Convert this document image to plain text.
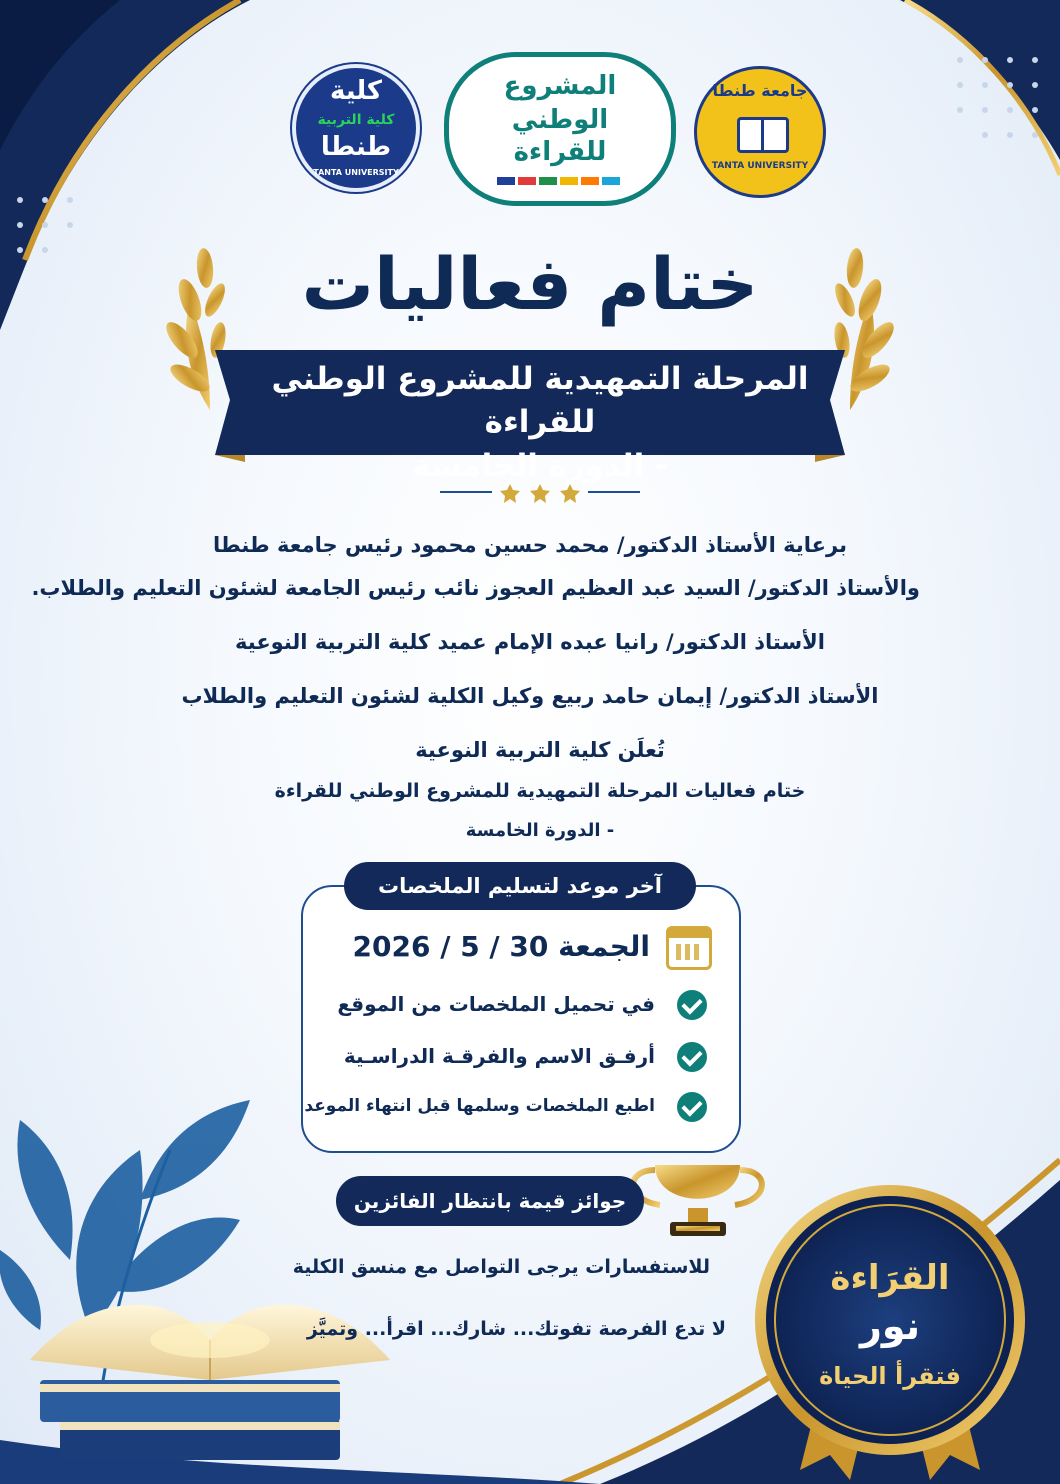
كلية
كلية التربية
طنطا
TANTA UNIVERSITY
المشروع
الوطني
للقراءة
جامعة طنطا
TANTA UNIVERSITY
ختام فعاليات
المرحلة التمهيدية للمشروع الوطني للقراءة
- الدورة الخامسة
برعاية الأستاذ الدكتور/ محمد حسين محمود رئيس جامعة طنطا
والأستاذ الدكتور/ السيد عبد العظيم العجوز نائب رئيس الجامعة لشئون التعليم والطلاب.
الأستاذ الدكتور/ رانيا عبده الإمام عميد كلية التربية النوعية
الأستاذ الدكتور/ إيمان حامد ربيع وكيل الكلية لشئون التعليم والطلاب
تُعلَن كلية التربية النوعية
ختام فعاليات المرحلة التمهيدية للمشروع الوطني للقراءة
- الدورة الخامسة
آخر موعد لتسليم الملخصات
الجمعة 30 / 5 / 2026
في تحميل الملخصات من الموقع
أرفـق الاسم والفرقـة الدراسـية
اطبع الملخصات وسلمها قبل انتهاء الموعد
جوائز قيمة بانتظار الفائزين
للاستفسارات يرجى التواصل مع منسق الكلية
لا تدع الفرصة تفوتك... شارك... اقرأ... وتميَّز
القرَاءة
نور
فتقرأ الحياة
